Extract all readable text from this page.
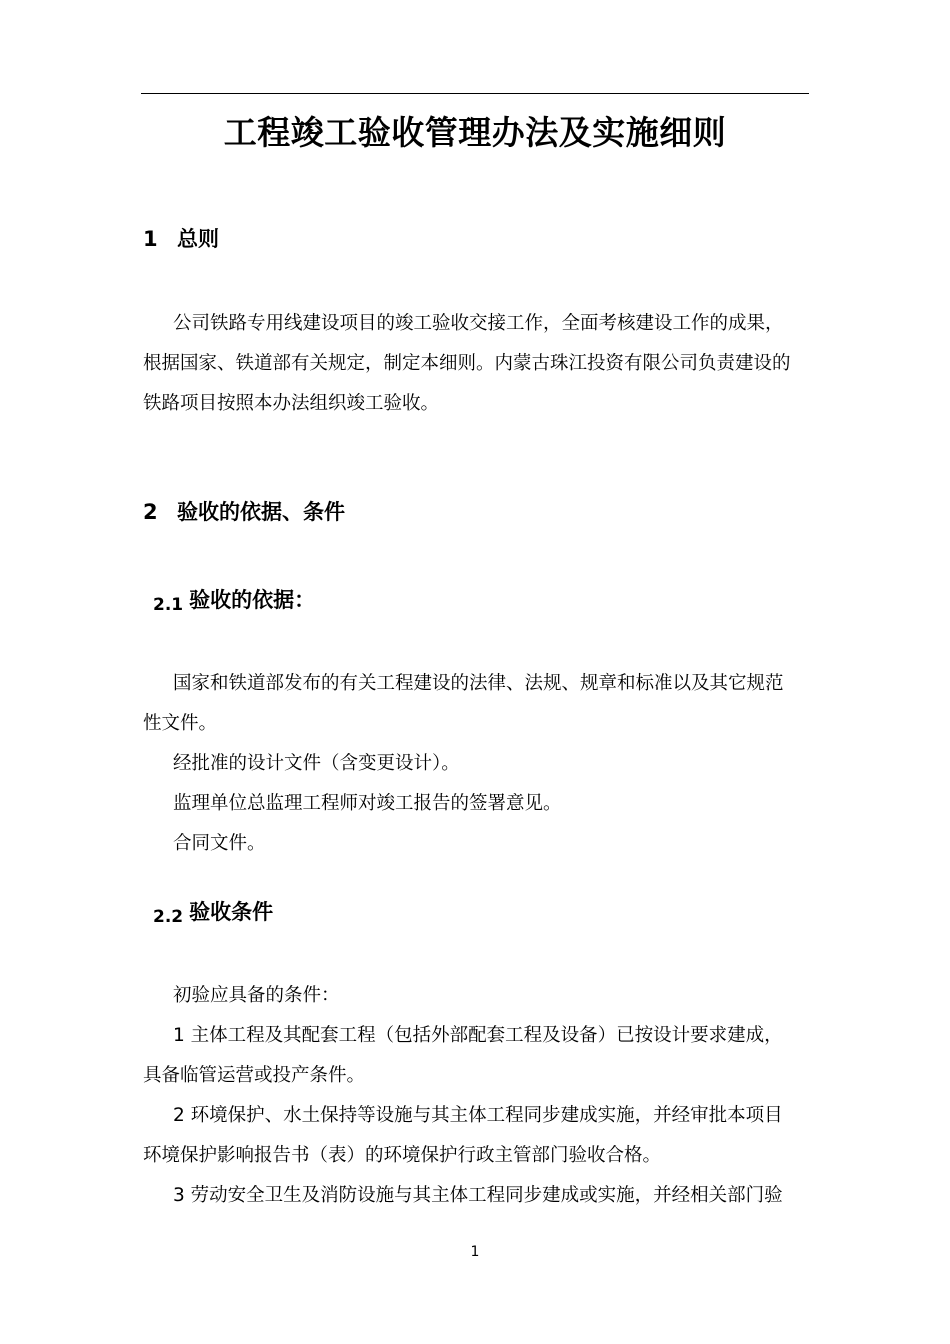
工程竣工验收管理办法及实施细则
1 总则
公司铁路专用线建设项目的竣工验收交接工作，全面考核建设工作的成果，
根据国家、铁道部有关规定，制定本细则。内蒙古珠江投资有限公司负责建设的
铁路项目按照本办法组织竣工验收。
2 验收的依据、条件
2.1 验收的依据：
国家和铁道部发布的有关工程建设的法律、法规、规章和标准以及其它规范
性文件。
经批准的设计文件（含变更设计）。
监理单位总监理工程师对竣工报告的签署意见。
合同文件。
2.2 验收条件
初验应具备的条件：
1 主体工程及其配套工程（包括外部配套工程及设备）已按设计要求建成，
具备临管运营或投产条件。
2 环境保护、水土保持等设施与其主体工程同步建成实施，并经审批本项目
环境保护影响报告书（表）的环境保护行政主管部门验收合格。
3 劳动安全卫生及消防设施与其主体工程同步建成或实施，并经相关部门验
1
